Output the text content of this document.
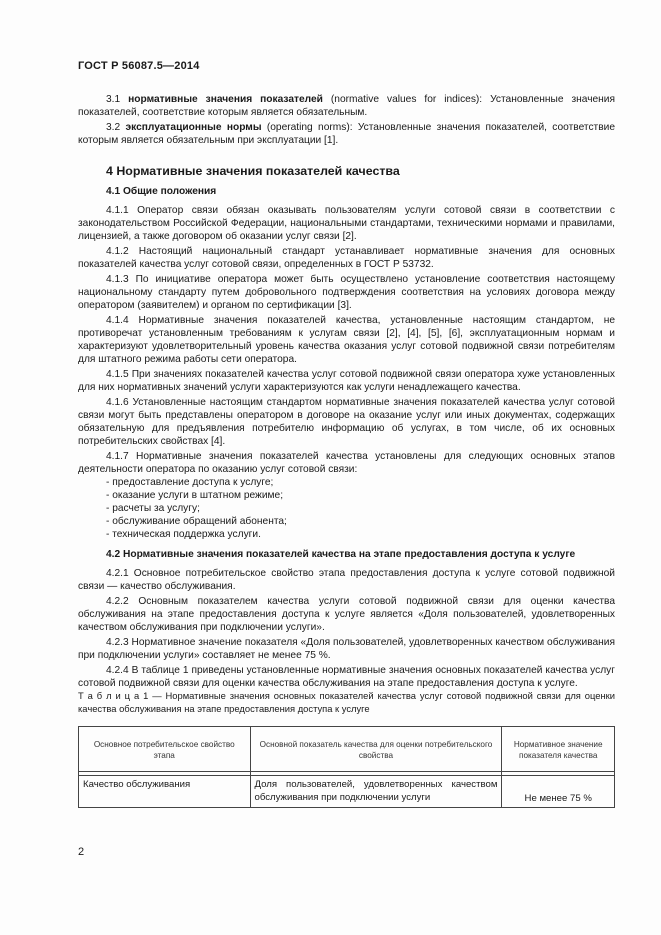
ГОСТ Р 56087.5—2014

3.1 нормативные значения показателей (normative values for indices): Установленные значения показателей, соответствие которым является обязательным.

3.2 эксплуатационные нормы (operating norms): Установленные значения показателей, соответствие которым является обязательным при эксплуатации [1].

4 Нормативные значения показателей качества
4.1 Общие положения

4.1.1 Оператор связи обязан оказывать пользователям услуги сотовой связи в соответствии с законодательством Российской Федерации, национальными стандартами, техническими нормами и правилами, лицензией, а также договором об оказании услуг связи [2].

4.1.2 Настоящий национальный стандарт устанавливает нормативные значения для основных показателей качества услуг сотовой связи, определенных в ГОСТ Р 53732.

4.1.3 По инициативе оператора может быть осуществлено установление соответствия настоящему национальному стандарту путем добровольного подтверждения соответствия на условиях договора между оператором (заявителем) и органом по сертификации [3].

4.1.4 Нормативные значения показателей качества, установленные настоящим стандартом, не противоречат установленным требованиям к услугам связи [2], [4], [5], [6], эксплуатационным нормам и характеризуют удовлетворительный уровень качества оказания услуг сотовой подвижной связи потребителям для штатного режима работы сети оператора.

4.1.5 При значениях показателей качества услуг сотовой подвижной связи оператора хуже установленных для них нормативных значений услуги характеризуются как услуги ненадлежащего качества.

4.1.6 Установленные настоящим стандартом нормативные значения показателей качества услуг сотовой связи могут быть представлены оператором в договоре на оказание услуг или иных документах, содержащих обязательную для предъявления потребителю информацию об услугах, в том числе, об их основных потребительских свойствах [4].

4.1.7 Нормативные значения показателей качества установлены для следующих основных этапов деятельности оператора по оказанию услуг сотовой связи:

- предоставление доступа к услуге;
- оказание услуги в штатном режиме;
- расчеты за услугу;
- обслуживание обращений абонента;
- техническая поддержка услуги.
4.2 Нормативные значения показателей качества на этапе предоставления доступа к услуге

4.2.1 Основное потребительское свойство этапа предоставления доступа к услуге сотовой подвижной связи — качество обслуживания.

4.2.2 Основным показателем качества услуги сотовой подвижной связи для оценки качества обслуживания на этапе предоставления доступа к услуге является «Доля пользователей, удовлетворенных качеством обслуживания при подключении услуги».

4.2.3 Нормативное значение показателя «Доля пользователей, удовлетворенных качеством обслуживания при подключении услуги» составляет не менее 75 %.

4.2.4 В таблице 1 приведены установленные нормативные значения основных показателей качества услуг сотовой подвижной связи для оценки качества обслуживания на этапе предоставления доступа к услуге.

Т а б л и ц а 1 — Нормативные значения основных показателей качества услуг сотовой подвижной связи для оценки качества обслуживания на этапе предоставления доступа к услуге

Основное потребительское свойство этапа	Основной показатель качества для оценки потребительского свойства	Нормативное значение показателя качества

Качество обслуживания	Доля пользователей, удовлетворенных качеством обслуживания при подключении услуги	Не менее 75 %
2
